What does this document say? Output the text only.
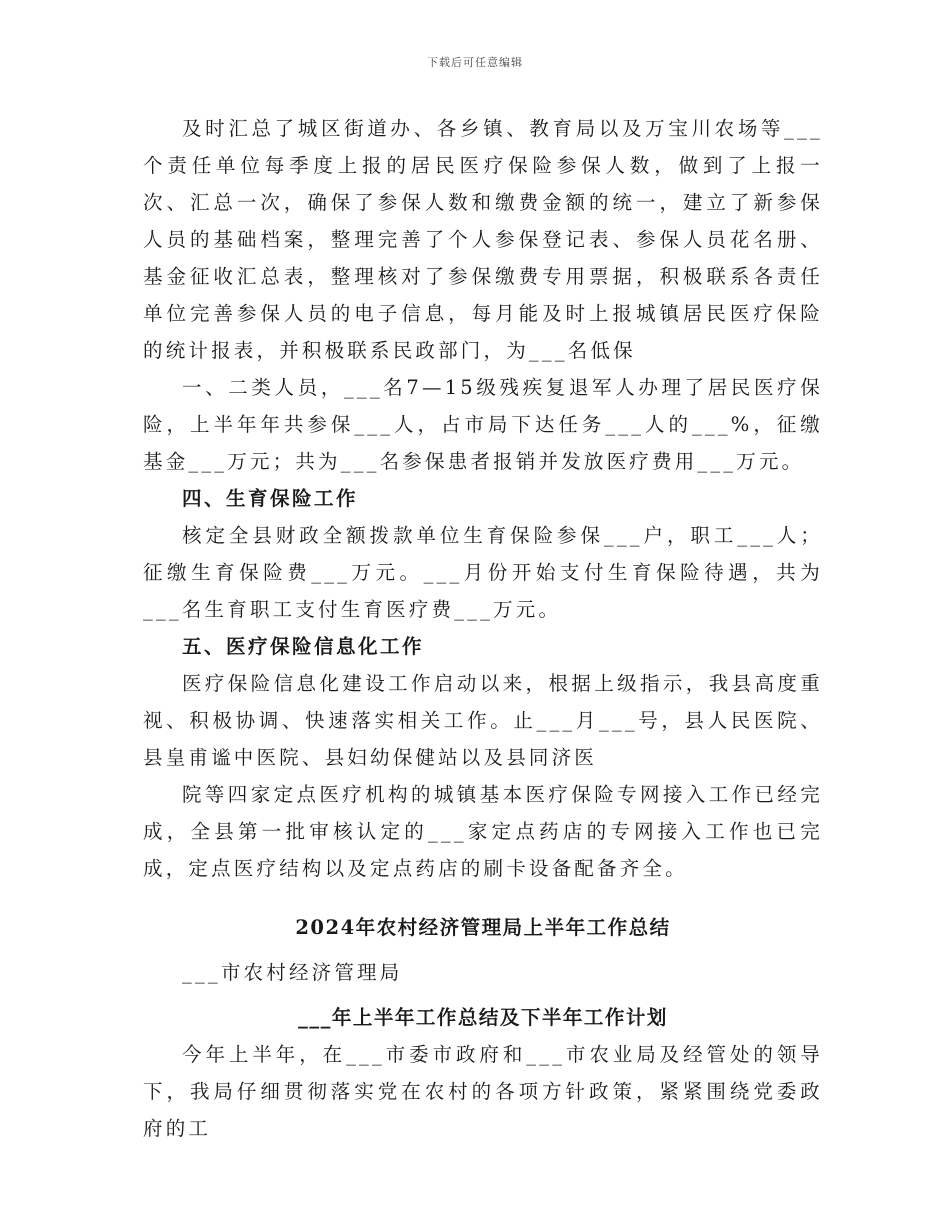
下载后可任意编辑

及时汇总了城区街道办、各乡镇、教育局以及万宝川农场等___个责任单位每季度上报的居民医疗保险参保人数，做到了上报一次、汇总一次，确保了参保人数和缴费金额的统一，建立了新参保人员的基础档案，整理完善了个人参保登记表、参保人员花名册、基金征收汇总表，整理核对了参保缴费专用票据，积极联系各责任单位完善参保人员的电子信息，每月能及时上报城镇居民医疗保险的统计报表，并积极联系民政部门，为___名低保

一、二类人员，___名7—15级残疾复退军人办理了居民医疗保险，上半年年共参保___人，占市局下达任务___人的___%，征缴基金___万元；共为___名参保患者报销并发放医疗费用___万元。

四、生育保险工作

核定全县财政全额拨款单位生育保险参保___户，职工___人；征缴生育保险费___万元。___月份开始支付生育保险待遇，共为___名生育职工支付生育医疗费___万元。

五、医疗保险信息化工作

医疗保险信息化建设工作启动以来，根据上级指示，我县高度重视、积极协调、快速落实相关工作。止___月___号，县人民医院、县皇甫谧中医院、县妇幼保健站以及县同济医

院等四家定点医疗机构的城镇基本医疗保险专网接入工作已经完成，全县第一批审核认定的___家定点药店的专网接入工作也已完成，定点医疗结构以及定点药店的刷卡设备配备齐全。

2024年农村经济管理局上半年工作总结

___市农村经济管理局

___年上半年工作总结及下半年工作计划

今年上半年，在___市委市政府和___市农业局及经管处的领导下，我局仔细贯彻落实党在农村的各项方针政策，紧紧围绕党委政府的工
